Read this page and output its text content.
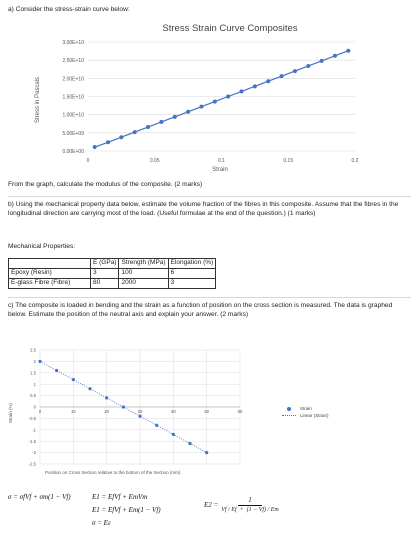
a) Consider the stress-strain curve below:
Stress Strain Curve Composites
0.00E+00
5.00E+09
1.00E+10
1.50E+10
2.00E+10
2.50E+10
3.00E+10
0	0.05	0.1	0.15	0.2
Stress in Pascals
Strain
From the graph, calculate the modulus of the composite. (2 marks)
b) Using the mechanical property data below, estimate the volume fraction of the fibres in this composite. Assume that the fibres in the longitudinal direction are carrying most of the load. (Useful formulae at the end of the question.) (1 marks)
Mechanical Properties:
	E (GPa)	Strength (MPa)	Elongation (%)
Epoxy (Resin)	3	100	6
E-glass Fibre (Fibre)	80	2000	3
c) The composite is loaded in bending and the strain as a function of position on the cross section is measured. The data is graphed below. Estimate the position of the neutral axis and explain your answer. (2 marks)
2.5
2
1.5
1
0.5
0
-0.5
-1
-1.5
-2
-2.5
0	10	20	30	40	50	60
Strain (%)
Position on Cross Section relative to the bottom of the Section (mm)
Strain
Linear (Strain)
σ = σfVf + σm(1 − Vf)	E1 = EfVf + EmVm
E1 = EfVf + Em(1 − Vf)
σ = Eε
$E2 = \frac{1}{Vf / Ef + (1 - Vf) / Em}$
